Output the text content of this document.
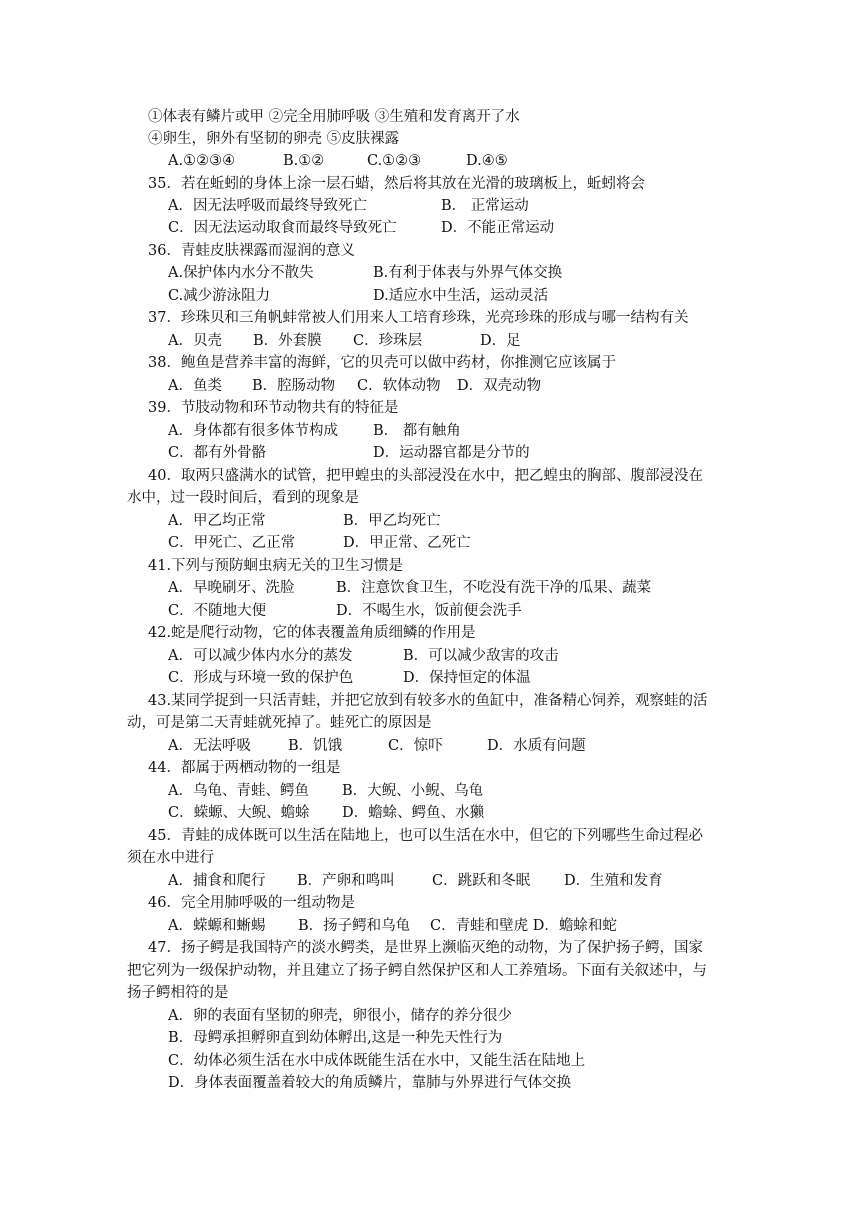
①体表有鳞片或甲 ②完全用肺呼吸 ③生殖和发育离开了水
④卵生，卵外有坚韧的卵壳 ⑤皮肤裸露
A.①②③④	B.①②	C.①②③	D.④⑤
35．若在蚯蚓的身体上涂一层石蜡，然后将其放在光滑的玻璃板上，蚯蚓将会
A．因无法呼吸而最终导致死亡	B． 正常运动
C．因无法运动取食而最终导致死亡	D．不能正常运动
36．青蛙皮肤裸露而湿润的意义
A.保护体内水分不散失	B.有利于体表与外界气体交换
C.减少游泳阻力	D.适应水中生活，运动灵活
37．珍珠贝和三角帆蚌常被人们用来人工培育珍珠，光亮珍珠的形成与哪一结构有关
A．贝壳 B．外套膜 C．珍珠层	D．足
38．鲍鱼是营养丰富的海鲜，它的贝壳可以做中药材，你推测它应该属于
A．鱼类 B．腔肠动物 C．软体动物 D．双壳动物
39．节肢动物和环节动物共有的特征是
A．身体都有很多体节构成 B． 都有触角
C．都有外骨骼	D．运动器官都是分节的
40．取两只盛满水的试管，把甲蝗虫的头部浸没在水中，把乙蝗虫的胸部、腹部浸没在
水中，过一段时间后，看到的现象是
A．甲乙均正常	B．甲乙均死亡
C．甲死亡、乙正常	D．甲正常、乙死亡
41.下列与预防蛔虫病无关的卫生习惯是
A．早晚刷牙、洗脸	B．注意饮食卫生，不吃没有洗干净的瓜果、蔬菜
C．不随地大便	D．不喝生水，饭前便会洗手
42.蛇是爬行动物，它的体表覆盖角质细鳞的作用是
A．可以减少体内水分的蒸发	B．可以减少敌害的攻击
C．形成与环境一致的保护色	D．保持恒定的体温
43.某同学捉到一只活青蛙，并把它放到有较多水的鱼缸中，准备精心饲养，观察蛙的活
动，可是第二天青蛙就死掉了。蛙死亡的原因是
A．无法呼吸	B．饥饿	C．惊吓	D．水质有问题
44．都属于两栖动物的一组是
A．乌龟、青蛙、鳄鱼 B．大鲵、小鲵、乌龟
C．蝾螈、大鲵、蟾蜍 D．蟾蜍、鳄鱼、水獭
45．青蛙的成体既可以生活在陆地上，也可以生活在水中，但它的下列哪些生命过程必
须在水中进行
A．捕食和爬行 B．产卵和鸣叫	C．跳跃和冬眠 D．生殖和发育
46．完全用肺呼吸的一组动物是
A．蝾螈和蜥蜴 B．扬子鳄和乌龟 C．青蛙和壁虎 D．蟾蜍和蛇
47．扬子鳄是我国特产的淡水鳄类，是世界上濒临灭绝的动物，为了保护扬子鳄，国家
把它列为一级保护动物，并且建立了扬子鳄自然保护区和人工养殖场。下面有关叙述中，与
扬子鳄相符的是
A．卵的表面有坚韧的卵壳，卵很小，储存的养分很少
B．母鳄承担孵卵直到幼体孵出,这是一种先天性行为
C．幼体必须生活在水中成体既能生活在水中，又能生活在陆地上
D．身体表面覆盖着较大的角质鳞片，靠肺与外界进行气体交换
